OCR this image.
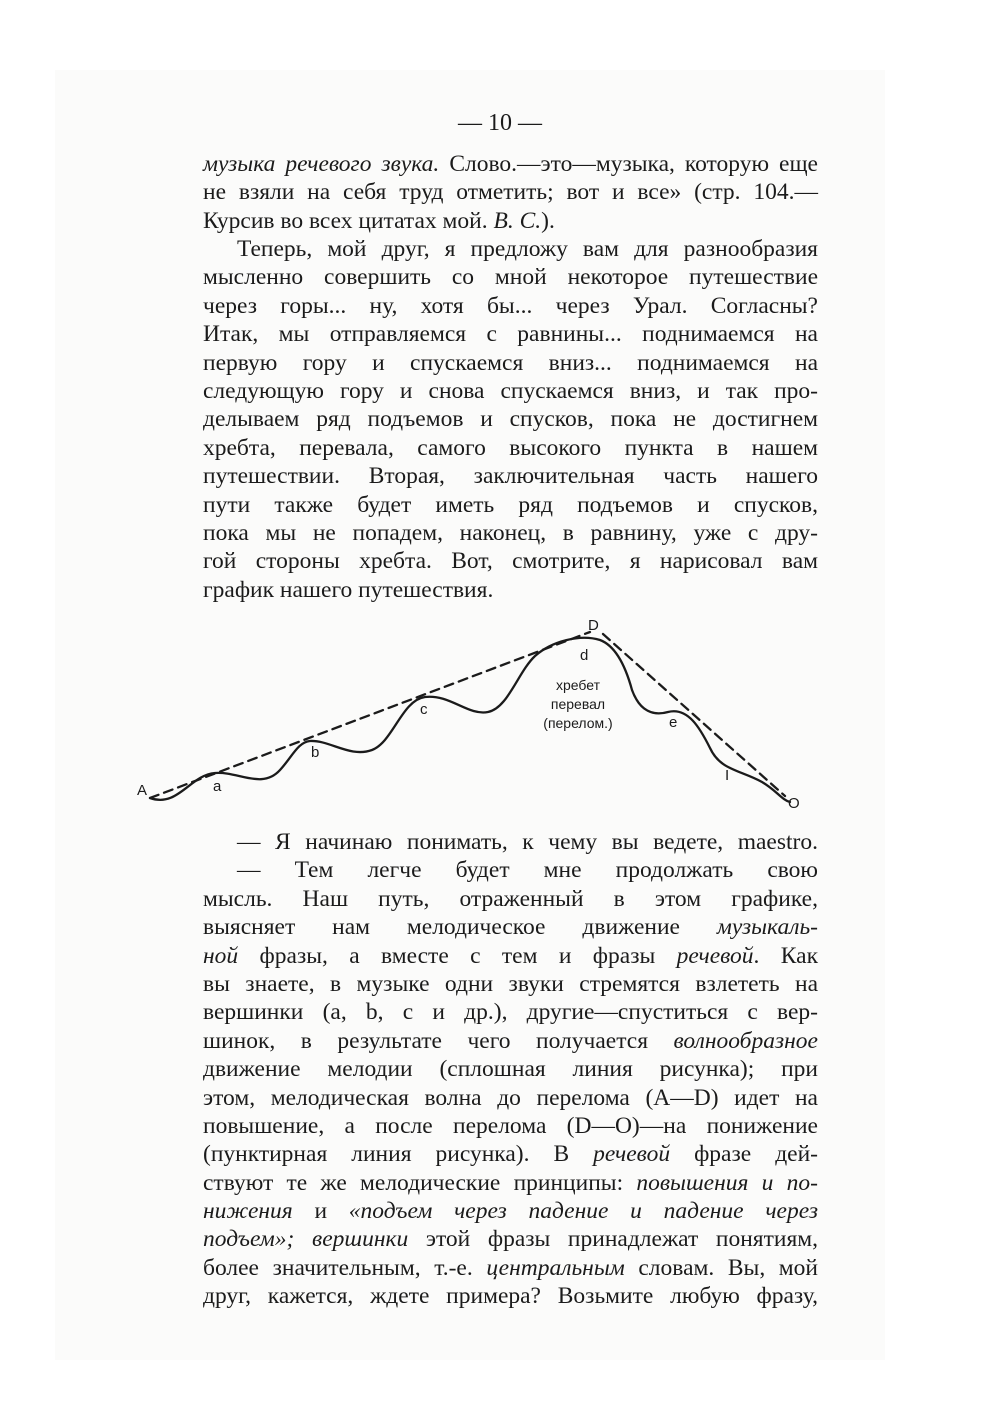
— 10 —
музыка речевого звука. Слово.—это—музыка, которую еще
не взяли на себя труд отметить; вот и все» (стр. 104.—
Курсив во всех цитатах мой. В. С.).
Теперь, мой друг, я предложу вам для разнообразия
мысленно совершить со мной некоторое путешествие
через горы... ну, хотя бы... через Урал. Согласны?
Итак, мы отправляемся с равнины... поднимаемся на
первую гору и спускаемся вниз... поднимаемся на
следующую гору и снова спускаемся вниз, и так про-
делываем ряд подъемов и спусков, пока не достигнем
хребта, перевала, самого высокого пункта в нашем
путешествии. Вторая, заключительная часть нашего
пути также будет иметь ряд подъемов и спусков,
пока мы не попадем, наконец, в равнину, уже с дру-
гой стороны хребта. Вот, смотрите, я нарисовал вам
график нашего путешествия.
A	a
b
c
D
d
e
I
O
хребет
перевал
(перелом.)
— Я начинаю понимать, к чему вы ведете, maestro.
— Тем легче будет мне продолжать свою
мысль. Наш путь, отраженный в этом графике,
выясняет нам мелодическое движение музыкаль-
ной фразы, а вместе с тем и фразы речевой. Как
вы знаете, в музыке одни звуки стремятся взлететь на
вершинки (a, b, c и др.), другие—спуститься с вер-
шинок, в результате чего получается волнообразное
движение мелодии (сплошная линия рисунка); при
этом, мелодическая волна до перелома (A—D) идет на
повышение, а после перелома (D—O)—на понижение
(пунктирная линия рисунка). В речевой фразе дей-
ствуют те же мелодические принципы: повышения и по-
нижения и «подъем через падение и падение через
подъем»; вершинки этой фразы принадлежат понятиям,
более значительным, т.-е. центральным словам. Вы, мой
друг, кажется, ждете примера? Возьмите любую фразу,
